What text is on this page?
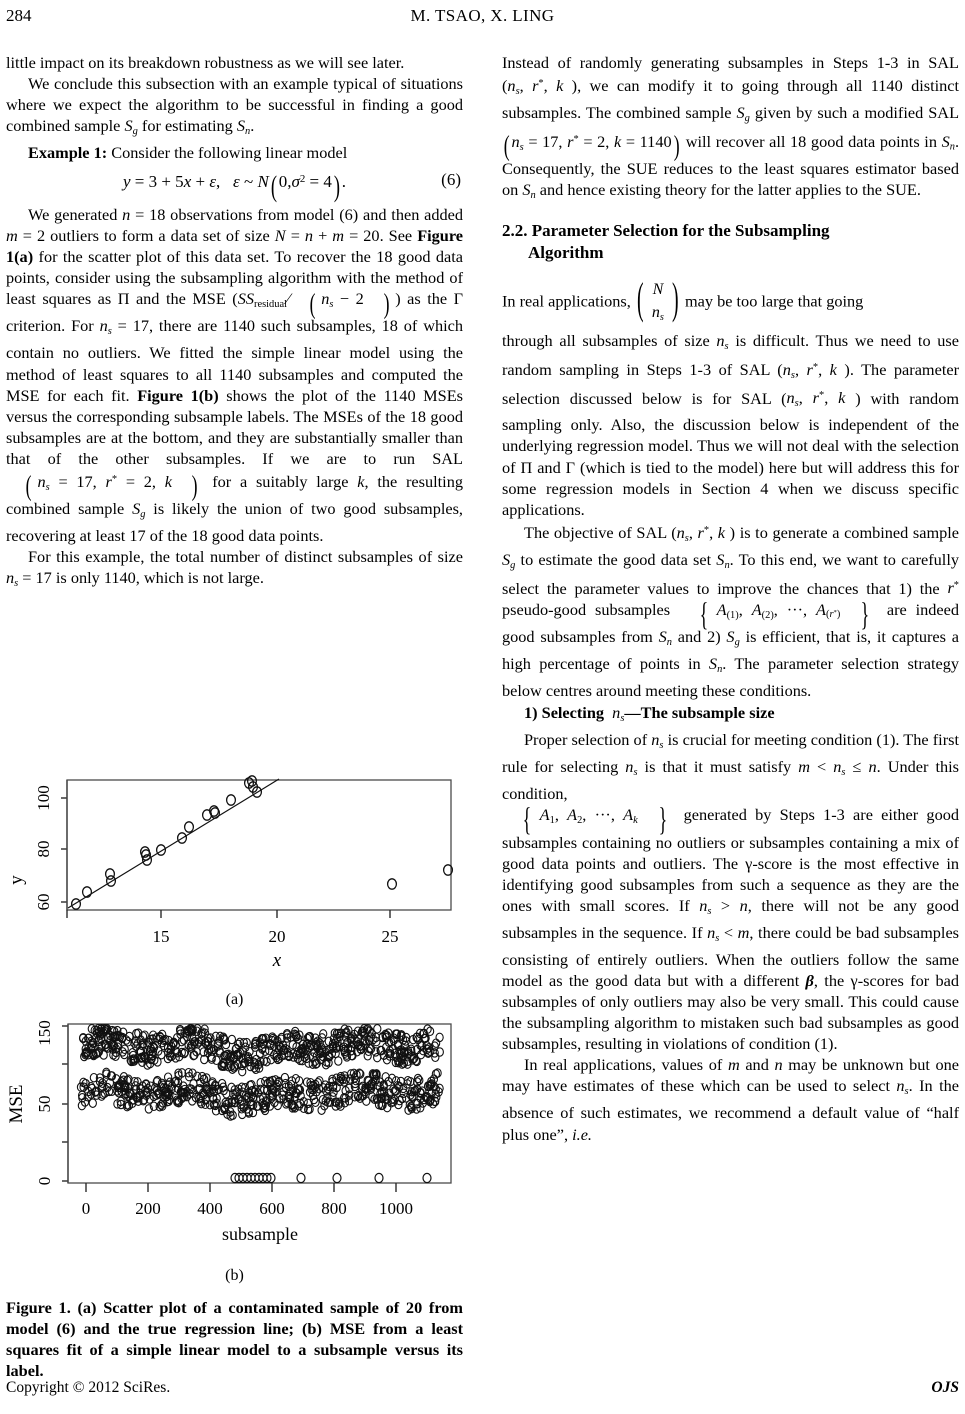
284	M. TSAO, X. LING

little impact on its breakdown robustness as we will see later.

We conclude this subsection with an example typical of situations where we expect the algorithm to be successful in finding a good combined sample $S_g$ for estimating $S_n$.

Example 1: Consider the following linear model

y = 3 + 5x + ε,   ε ~ N( $0,\sigma^2 = 4$) .	(6)

We generated n = 18 observations from model (6) and then added m = 2 outliers to form a data set of size N = n + m = 20. See Figure 1(a) for the scatter plot of this data set. To recover the 18 good data points, consider using the subsampling algorithm with the method of least squares as Π and the MSE ($SS_{residual}⁄$ ( $n_s - 2$ ) ) as the Γ criterion. For $n_s = 17$, there are 1140 such subsamples, 18 of which contain no outliers. We fitted the simple linear model using the method of least squares to all 1140 subsamples and computed the MSE for each fit. Figure 1(b) shows the plot of the 1140 MSEs versus the corresponding subsample labels. The MSEs of the 18 good subsamples are at the bottom, and they are substantially smaller than that of the other subsamples. If we are to run SAL ( $n_s = 17$, r* = 2, k ) for a suitably large k, the resulting combined sample $S_g$ is likely the union of two good subsamples, recovering at least 17 of the 18 good data points.

For this example, the total number of distinct subsamples of size $n_s = 17$ is only 1140, which is not large.

y
60
80
100
15	20	25
x
(a)
MSE
0
50
150
0	200 400 600 800 1000
subsample
(b)
Figure 1. (a) Scatter plot of a contaminated sample of 20 from model (6) and the true regression line; (b) MSE from a least squares fit of a simple linear model to a subsample versus its label.

Instead of randomly generating subsamples in Steps 1-3 in SAL ($n_s$, r*, k ), we can modify it to going through all 1140 distinct subsamples. The combined sample $S_g$ given by such a modified SAL ( $n_s = 17$, r* = 2, k = 1140) will recover all 18 good data points in $S_n$. Consequently, the SUE reduces to the least squares estimator based on $S_n$ and hence existing theory for the latter applies to the SUE.

2.2. Parameter Selection for the Subsampling
Algorithm

In real applications, ( N
$n_s$ ) may be too large that going

through all subsamples of size $n_s$ is difficult. Thus we need to use random sampling in Steps 1-3 of SAL ($n_s$, r*, k ). The parameter selection discussed below is for SAL ($n_s$, r*, k ) with random sampling only. Also, the discussion below is independent of the underlying regression model. Thus we will not deal with the selection of Π and Γ (which is tied to the model) here but will address this for some regression models in Section 4 when we discuss specific applications.

The objective of SAL ($n_s$, r*, k ) is to generate a combined sample $S_g$ to estimate the good data set $S_n$. To this end, we want to carefully select the parameter values to improve the chances that 1) the r* pseudo-good subsamples { $A_{(1)}$, $A_{(2)}$, ···, $A_{(r^*)}$ } are indeed good subsamples from $S_n$ and 2) $S_g$ is efficient, that is, it captures a high percentage of points in $S_n$. The parameter selection strategy below centres around meeting these conditions.

1) Selecting $n_s—The$ subsample size

Proper selection of $n_s$ is crucial for meeting condition (1). The first rule for selecting $n_s$ is that it must satisfy $m < n_s \le n$. Under this condition,
{ $A_1$, $A_2$, ···, $A_k$ } generated by Steps 1-3 are either good subsamples containing no outliers or subsamples containing a mix of good data points and outliers. The γ-score is the most effective in identifying good subsamples from such a sequence as they are the ones with small scores. If $n_s > n$, there will not be any good subsamples in the sequence. If $n_s < m$, there could be bad subsamples consisting of entirely outliers. When the outliers follow the same model as the good data but with a different β, the γ-scores for bad subsamples of only outliers may also be very small. This could cause the subsampling algorithm to mistaken such bad subsamples as good subsamples, resulting in violations of condition (1).

In real applications, values of m and n may be unknown but one may have estimates of these which can be used to select $n_s$. In the absence of such estimates, we recommend a default value of “half plus one”, i.e.

Copyright © 2012 SciRes.	OJS
